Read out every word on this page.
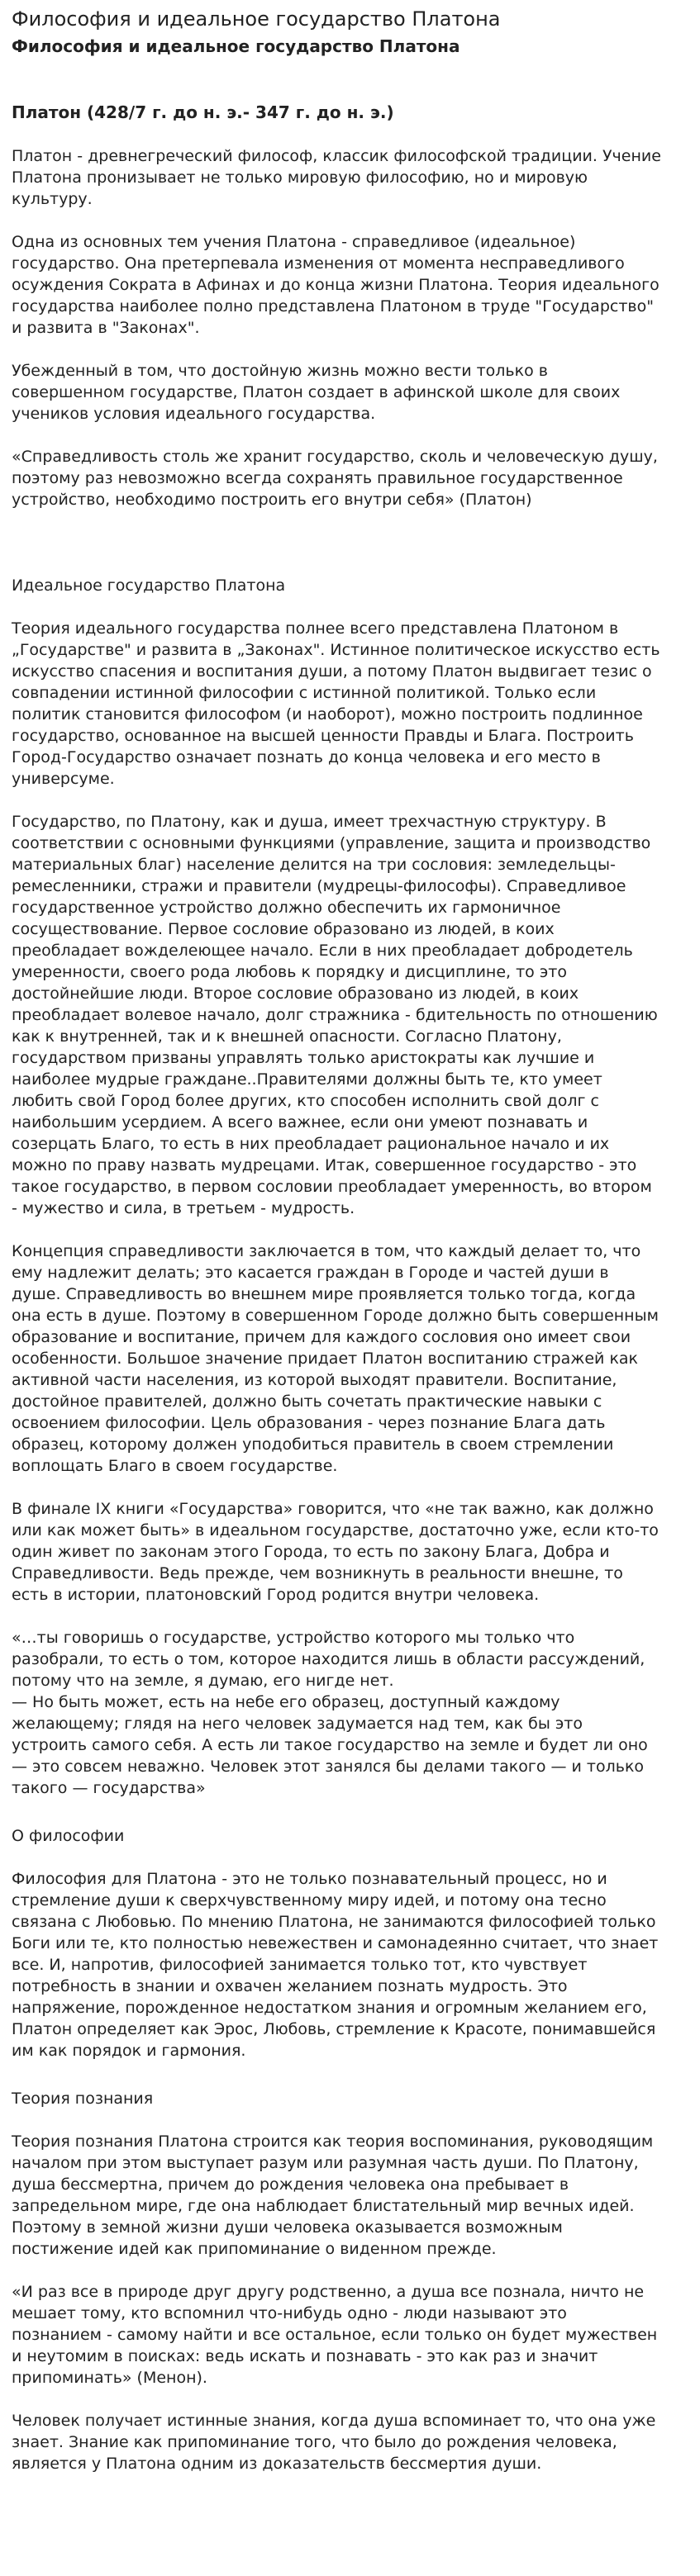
Философия и идеальное государство Платона
Философия и идеальное государство Платона
Платон (428/7 г. до н. э.- 347 г. до н. э.)

Платон - древнегреческий философ, классик философской традиции. Учение Платона пронизывает не только мировую философию, но и мировую культуру.

Одна из основных тем учения Платона - справедливое (идеальное) государство. Она претерпевала изменения от момента несправедливого осуждения Сократа в Афинах и до конца жизни Платона. Теория идеального государства наиболее полно представлена Платоном в труде "Государство" и развита в "Законах".

Убежденный в том, что достойную жизнь можно вести только в совершенном государстве, Платон создает в афинской школе для своих учеников условия идеального государства.

«Справедливость столь же хранит государство, сколь и человеческую душу, поэтому раз невозможно всегда сохранять правильное государственное устройство, необходимо построить его внутри себя» (Платон)

Идеальное государство Платона

Теория идеального государства полнее всего представлена Платоном в „Государстве" и развита в „Законах". Истинное политическое искусство есть искусство спасения и воспитания души, а потому Платон выдвигает тезис о совпадении истинной философии с истинной политикой. Только если политик становится философом (и наоборот), можно построить подлинное государство, основанное на высшей ценности Правды и Блага. Построить Город-Государство означает познать до конца человека и его место в универсуме.

Государство, по Платону, как и душа, имеет трехчастную структуру. В соответствии с основными функциями (управление, защита и производство материальных благ) население делится на три сословия: земледельцы-ремесленники, стражи и правители (мудрецы-философы). Справедливое государственное устройство должно обеспечить их гармоничное сосуществование. Первое сословие образовано из людей, в коих преобладает вожделеющее начало. Если в них преобладает добродетель умеренности, своего рода любовь к порядку и дисциплине, то это достойнейшие люди. Второе сословие образовано из людей, в коих преобладает волевое начало, долг стражника - бдительность по отношению как к внутренней, так и к внешней опасности. Согласно Платону, государством призваны управлять только аристократы как лучшие и наиболее мудрые граждане..Правителями должны быть те, кто умеет любить свой Город более других, кто способен исполнить свой долг с наибольшим усердием. А всего важнее, если они умеют познавать и созерцать Благо, то есть в них преобладает рациональное начало и их можно по праву назвать мудрецами. Итак, совершенное государство - это такое государство, в первом сословии преобладает умеренность, во втором - мужество и сила, в третьем - мудрость.

Концепция справедливости заключается в том, что каждый делает то, что ему надлежит делать; это касается граждан в Городе и частей души в душе. Справедливость во внешнем мире проявляется только тогда, когда она есть в душе. Поэтому в совершенном Городе должно быть совершенным образование и воспитание, причем для каждого сословия оно имеет свои особенности. Большое значение придает Платон воспитанию стражей как активной части населения, из которой выходят правители. Воспитание, достойное правителей, должно быть сочетать практические навыки с освоением философии. Цель образования - через познание Блага дать образец, которому должен уподобиться правитель в своем стремлении воплощать Благо в своем государстве.

В финале IX книги «Государства» говорится, что «не так важно, как должно или как может быть» в идеальном государстве, достаточно уже, если кто-то один живет по законам этого Города, то есть по закону Блага, Добра и Справедливости. Ведь прежде, чем возникнуть в реальности внешне, то есть в истории, платоновский Город родится внутри человека.

«…ты говоришь о государстве, устройство которого мы только что разобрали, то есть о том, которое находится лишь в области рассуждений, потому что на земле, я думаю, его нигде нет.
— Но быть может, есть на небе его образец, доступный каждому желающему; глядя на него человек задумается над тем, как бы это устроить самого себя. А есть ли такое государство на земле и будет ли оно — это совсем неважно. Человек этот занялся бы делами такого — и только такого — государства»

О философии

Философия для Платона - это не только познавательный процесс, но и стремление души к сверхчувственному миру идей, и потому она тесно связана с Любовью. По мнению Платона, не занимаются философией только Боги или те, кто полностью невежествен и самонадеянно считает, что знает все. И, напротив, философией занимается только тот, кто чувствует потребность в знании и охвачен желанием познать мудрость. Это напряжение, порожденное недостатком знания и огромным желанием его, Платон определяет как Эрос, Любовь, стремление к Красоте, понимавшейся им как порядок и гармония.

Теория познания

Теория познания Платона строится как теория воспоминания, руководящим началом при этом выступает разум или разумная часть души. По Платону, душа бессмертна, причем до рождения человека она пребывает в запредельном мире, где она наблюдает блистательный мир вечных идей. Поэтому в земной жизни души человека оказывается возможным постижение идей как припоминание о виденном прежде.

«И раз все в природе друг другу родственно, а душа все познала, ничто не мешает тому, кто вспомнил что-нибудь одно - люди называют это познанием - самому найти и все остальное, если только он будет мужествен и неутомим в поисках: ведь искать и познавать - это как раз и значит припоминать» (Менон).

Человек получает истинные знания, когда душа вспоминает то, что она уже знает. Знание как припоминание того, что было до рождения человека, является у Платона одним из доказательств бессмертия души.
